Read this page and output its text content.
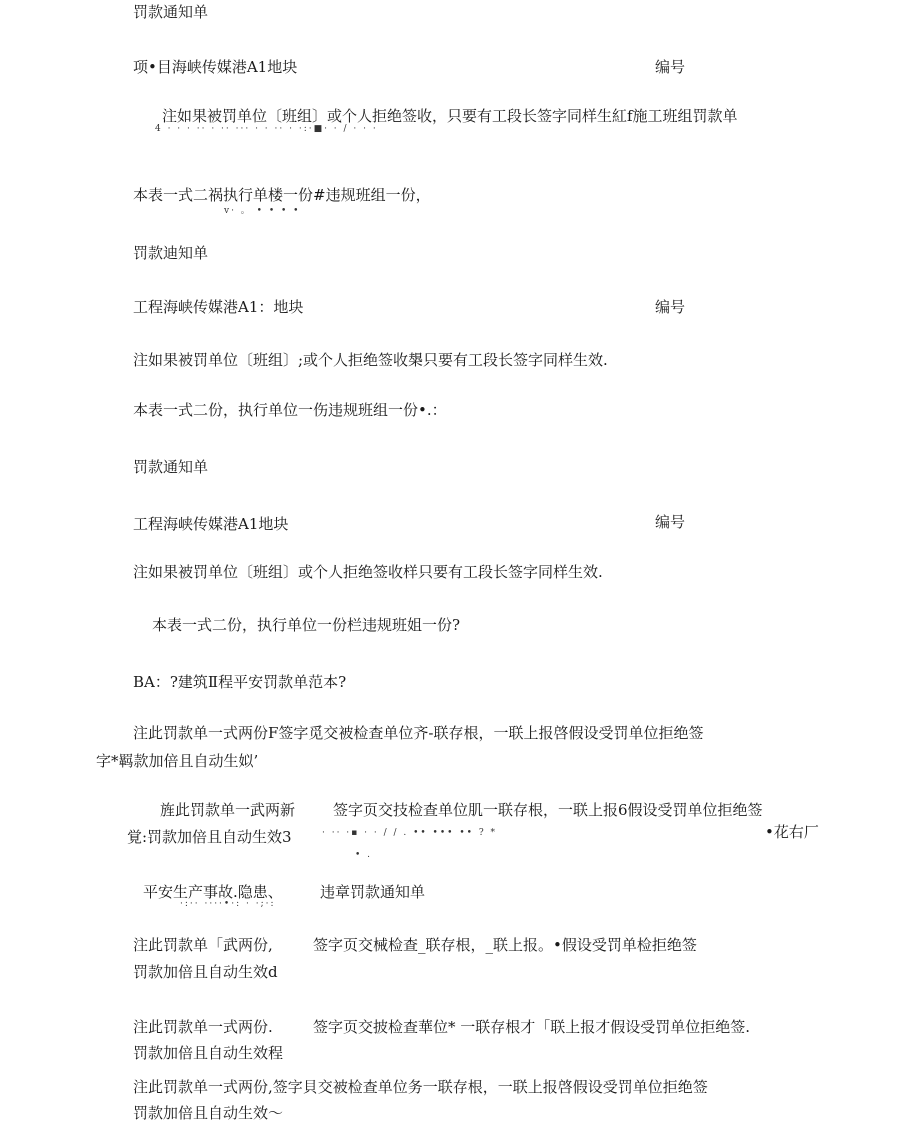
罚款通知单
项•目海峡传媒港A1地块	编号
注如果被罚单位〔班组〕或个人拒绝签收，只要有工段长签字同样生紅f施工班组罚款单
4 · · · ·· · ·· ··· · · ·· · ·:·■· · / · · ·
本表一式二祸执行单楼一份#违规班组一份，
v· 。 • • • •
罚款迪知单
工程海峡传媒港A1：地块	编号
注如果被罚单位〔班组〕;或个人拒绝签收槼只要有工段长签字同样生效.
本表一式二份，执行单位一伤违规班组一份•.：
罚款通知单
工程海峡传媒港A1地块	编号
注如果被罚单位〔班组〕或个人拒绝签收样只要有工段长签字同样生效.
本表一式二份，执行单位一份栏违规班姐一份?
BA：?建筑Ⅱ程平安罚款单范本?
注此罚款单一式两份F签字觅交被检查单位齐-联存根，一联上报啓假设受罚单位拒绝签
字*羁款加倍且自动生姒’
旌此罚款单一武两新	签字页交技检查单位肌一联存根，一联上报6假设受罚单位拒绝签
覚:罚款加倍且自动生效3	· ·· ·▪ · · / / . •• ••• •• ? *	•花右厂
• .
平安生产事故.隐患、 违章罚款通知单
·:·· ····•·: · ·;·:
注此罚款单「武两份,	签字页交械检查_联存根，_联上报。•假设受罚单检拒绝签
罚款加倍且自动生效d
注此罚款单一式两份.	签字页交披检查華位* 一联存根才「联上报才假设受罚单位拒绝签.
罚款加倍且自动生效程
注此罚款单一式两份,签字貝交被检查单位务一联存根，一联上报啓假设受罚单位拒绝签
罚款加倍且自动生效〜
